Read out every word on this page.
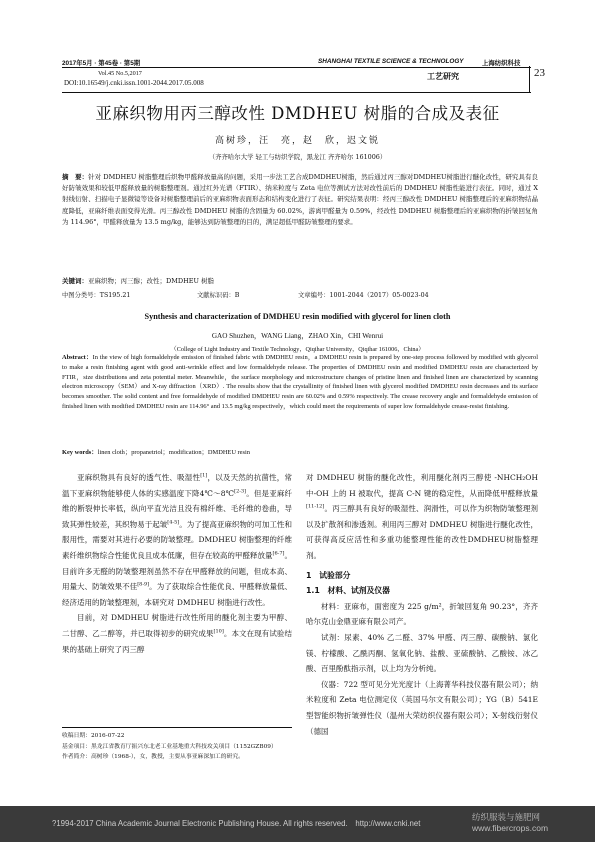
2017年5月 · 第45卷 · 第5期
Vol.45 No.5,2017
DOI:10.16549/j.cnki.issn.1001-2044.2017.05.008
SHANGHAI TEXTILE SCIENCE & TECHNOLOGY	上海纺织科技
工艺研究	23
亚麻织物用丙三醇改性 DMDHEU 树脂的合成及表征
高树珍，汪　亮，赵　欣，迟文锐
（齐齐哈尔大学 轻工与纺织学院，黑龙江 齐齐哈尔 161006）
摘　要：针对 DMDHEU 树脂整理后织物甲醛释放量高的问题，采用一步法工艺合成DMDHEU树脂，然后通过丙三醇对DMDHEU树脂进行醚化改性，研究具有良好防皱效果和较低甲醛释放量的树脂整理剂。通过红外光谱（FTIR）、纳米粒度与 Zeta 电位等测试方法对改性前后的 DMDHEU 树脂性能进行表征。同时，通过 X 射线衍射、扫描电子显微镜等设备对树脂整理前后的亚麻织物表面形态和结构变化进行了表征。研究结果表明：经丙三醇改性 DMDHEU 树脂整理后的亚麻织物结晶度降低，亚麻纤维表面变得光滑。丙三醇改性 DMDHEU 树脂的含固量为 60.02%，游离甲醛量为 0.59%，经改性 DMDHEU 树脂整理后的亚麻织物的折皱回复角为 114.96°，甲醛释放量为 13.5 mg/kg，能够达到防皱整理的目的，满足超低甲醛防皱整理的要求。
关键词：亚麻织物；丙三醇；改性；DMDHEU 树脂
中图分类号：TS195.21	文献标识码：B	文章编号：1001-2044（2017）05-0023-04
Synthesis and characterization of DMDHEU resin modified with glycerol for linen cloth
GAO Shuzhen，WANG Liang，ZHAO Xin，CHI Wenrui
（College of Light Industry and Textile Technology，Qiqihar University，Qiqihar 161006，China）
Abstract：In the view of high formaldehyde emission of finished fabric with DMDHEU resin，a DMDHEU resin is prepared by one-step process followed by modified with glycerol to make a resin finishing agent with good anti-wrinkle effect and low formaldehyde release. The properties of DMDHEU resin and modified DMDHEU resin are characterized by FTIR，size distributions and zeta potential meter. Meanwhile，the surface morphology and microstructure changes of pristine linen and finished linen are characterized by scanning electron microscopy（SEM）and X-ray diffraction（XRD）. The results show that the crystallinity of finished linen with glycerol modified DMDHEU resin decreases and its surface becomes smoother. The solid content and free formaldehyde of modified DMDHEU resin are 60.02% and 0.59% respectively. The crease recovery angle and formaldehyde emission of finished linen with modified DMDHEU resin are 114.96° and 13.5 mg/kg respectively，which could meet the requirements of super low formaldehyde crease-resist finishing.
Key words：linen cloth；propanetriol；modification；DMDHEU resin

亚麻织物具有良好的透气性、吸湿性[1]，以及天然的抗菌性，常温下亚麻织物能够使人体的实感温度下降4℃～8℃[2-3]。但是亚麻纤维的断裂伸长率低，纵向平直光洁且没有棉纤维、毛纤维的卷曲，导致其弹性较差，其织物易于起皱[4-5]。为了提高亚麻织物的可加工性和服用性，需要对其进行必要的防皱整理。DMDHEU 树脂整理的纤维素纤维织物综合性能优良且成本低廉，但存在较高的甲醛释放量[6-7]。目前许多无醛的防皱整理剂虽然不存在甲醛释放的问题，但成本高、用量大、防皱效果不佳[8-9]。为了获取综合性能优良、甲醛释放量低、经济适用的防皱整理剂，本研究对 DMDHEU 树脂进行改性。

目前，对 DMDHEU 树脂进行改性所用的醚化剂主要为甲醇、二甘醇、乙二醇等，并已取得初步的研究成果[10]。本文在现有试验结果的基础上研究了丙三醇

收稿日期：2016-07-22
基金项目：黑龙江省教育厅振兴东北老工业基地重大科技攻关项目（1152GZB09）
作者简介：高树珍（1968-），女，教授，主要从事亚麻深加工的研究。

对 DMDHEU 树脂的醚化改性，利用醚化剂丙三醇使 -NHCH₂OH中-OH 上的 H 被取代，提高 C-N 键的稳定性，从而降低甲醛释放量[11-12]。丙三醇具有良好的吸湿性、润滑性，可以作为织物防皱整理剂以及扩散剂和渗透剂。利用丙三醇对 DMDHEU 树脂进行醚化改性，可获得高反应活性和多重功能整理性能的改性DMDHEU树脂整理剂。

1　试验部分

1.1　材料、试剂及仪器

材料：亚麻布，面密度为 225 g/m²，折皱回复角 90.23°，齐齐哈尔克山金鼎亚麻有限公司产。

试剂：尿素、40% 乙二醛、37% 甲醛、丙三醇、碳酸钠、氯化镁、柠檬酸、乙酰丙酮、氢氧化钠、盐酸、亚硫酸钠、乙酸铵、冰乙酸、百里酚酞指示剂，以上均为分析纯。

仪器：722 型可见分光光度计（上海菁华科技仪器有限公司）；纳米粒度和 Zeta 电位测定仪（英国马尔文有限公司）；YG（B）541E 型智能织物折皱弹性仪（温州大荣纺织仪器有限公司）；X-射线衍射仪（德国

?1994-2017 China Academic Journal Electronic Publishing House. All rights reserved.　http://www.cnki.net
纺织服装与施肥网
www.fibercrops.com
